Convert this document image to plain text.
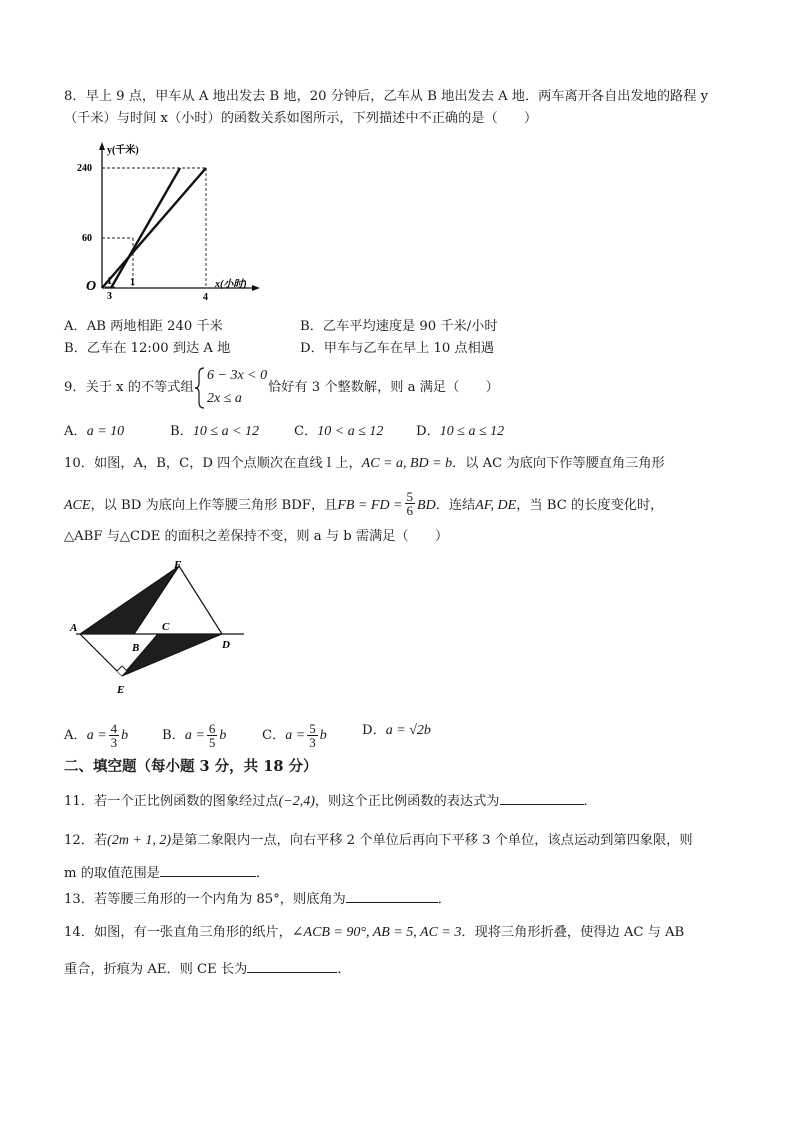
8．早上 9 点，甲车从 A 地出发去 B 地，20 分钟后，乙车从 B 地出发去 A 地．两车离开各自出发地的路程 y
（千米）与时间 x（小时）的函数关系如图所示，下列描述中不正确的是（　　）
y(千米)
x(小时)
240
60
O 1
3
1
4
A．AB 两地相距 240 千米	B．乙车平均速度是 90 千米/小时
B．乙车在 12:00 到达 A 地	D．甲车与乙车在早上 10 点相遇
9．关于 x 的不等式组
6 − 3x < 0
2x ≤ a
恰好有 3 个整数解，则 a 满足（　　）
A．a = 10	B．10 ≤ a < 12	C．10 < a ≤ 12 D．10 ≤ a ≤ 12
10．如图，A，B，C，D 四个点顺次在直线 l 上，AC = a, BD = b．以 AC 为底向下作等腰直角三角形
ACE，以 BD 为底向上作等腰三角形 BDF，且FB = FD = $\frac{5}{6}$ BD．连结AF, DE，当 BC 的长度变化时，
△ABF 与△CDE 的面积之差保持不变，则 a 与 b 需满足（　　）
A
B
C
D
E
F
A．$a = \frac{4}{3}$ b	B．$a = \frac{6}{5}$ b	C．$a = \frac{5}{3}$ b	D．a = √2b
二、填空题（每小题 3 分，共 18 分）
11．若一个正比例函数的图象经过点(−2,4)，则这个正比例函数的表达式为	．
12．若(2m + 1, 2)是第二象限内一点，向右平移 2 个单位后再向下平移 3 个单位，该点运动到第四象限，则
m 的取值范围是	．
13．若等腰三角形的一个内角为 85°，则底角为	．
14．如图，有一张直角三角形的纸片，∠ACB = 90°, AB = 5, AC = 3．现将三角形折叠，使得边 AC 与 AB
重合，折痕为 AE．则 CE 长为	．
